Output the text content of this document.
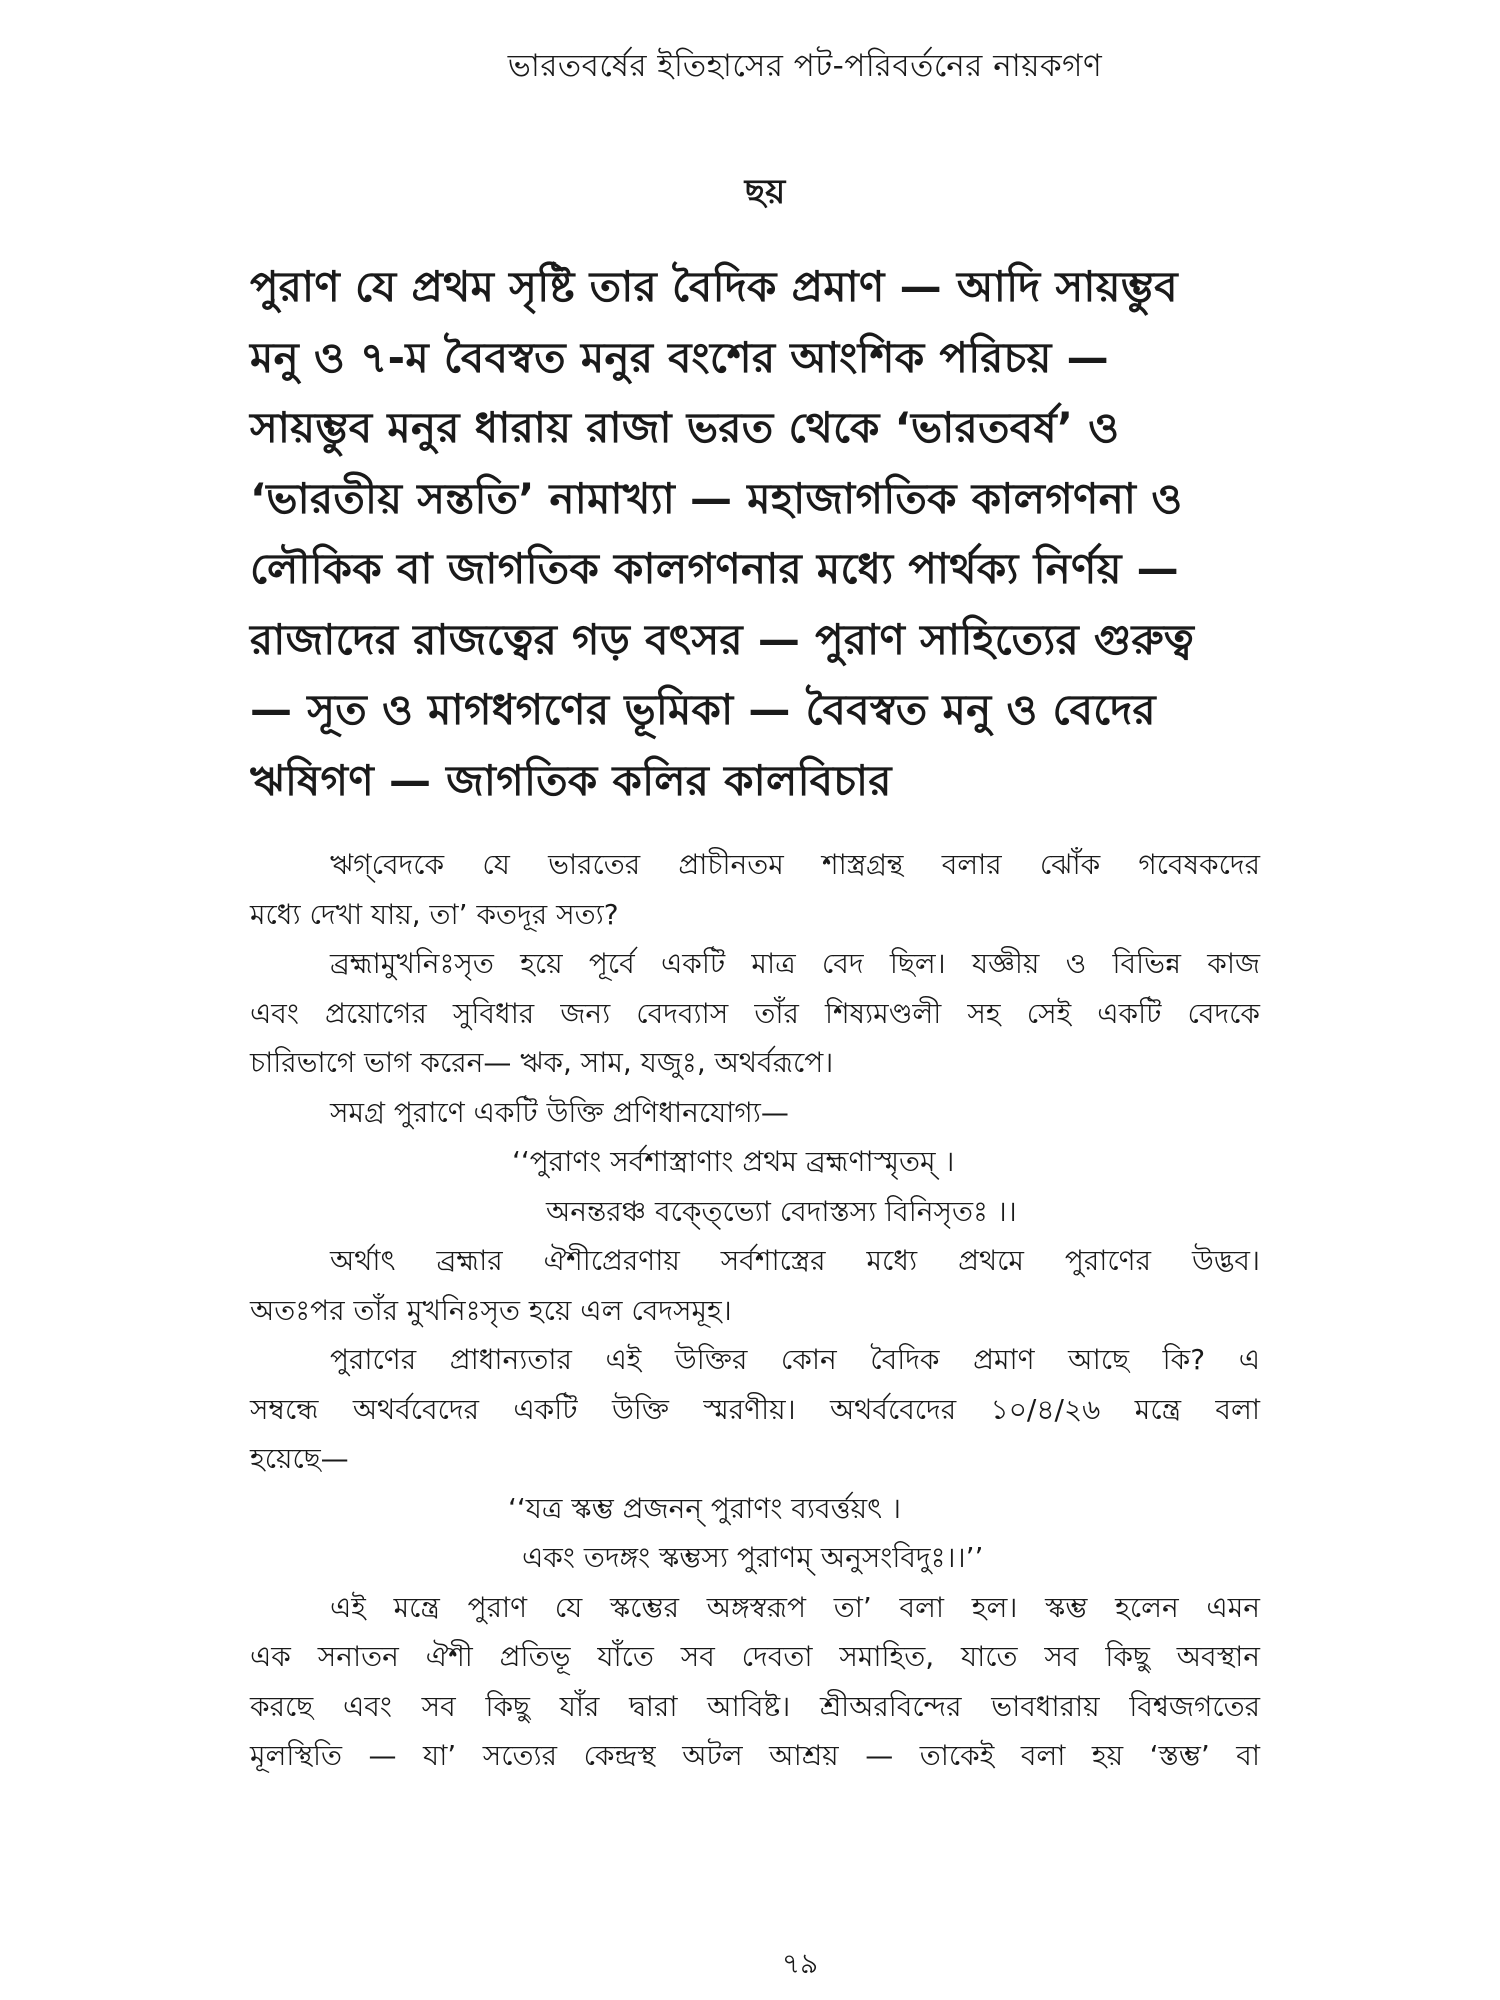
ভারতবর্ষের ইতিহাসের পট-পরিবর্তনের নায়কগণ
ছয়
পুরাণ যে প্রথম সৃষ্টি তার বৈদিক প্রমাণ — আদি সায়ম্ভুব
মনু ও ৭-ম বৈবস্বত মনুর বংশের আংশিক পরিচয় —
সায়ম্ভুব মনুর ধারায় রাজা ভরত থেকে ‘ভারতবর্ষ’ ও
‘ভারতীয় সন্ততি’ নামাখ্যা — মহাজাগতিক কালগণনা ও
লৌকিক বা জাগতিক কালগণনার মধ্যে পার্থক্য নির্ণয় —
রাজাদের রাজত্বের গড় বৎসর — পুরাণ সাহিত্যের গুরুত্ব
— সূত ও মাগধগণের ভূমিকা — বৈবস্বত মনু ও বেদের
ঋষিগণ — জাগতিক কলির কালবিচার
ঋগ্‌বেদকে যে ভারতের প্রাচীনতম শাস্ত্রগ্রন্থ বলার ঝোঁক গবেষকদের
মধ্যে দেখা যায়, তা’ কতদূর সত্য?
ব্রহ্মামুখনিঃসৃত হয়ে পূর্বে একটি মাত্র বেদ ছিল। যজ্ঞীয় ও বিভিন্ন কাজ
এবং প্রয়োগের সুবিধার জন্য বেদব্যাস তাঁর শিষ্যমণ্ডলী সহ সেই একটি বেদকে
চারিভাগে ভাগ করেন— ঋক, সাম, যজুঃ, অথর্বরূপে।
সমগ্র পুরাণে একটি উক্তি প্রণিধানযোগ্য—
‘‘পুরাণং সর্বশাস্ত্রাণাং প্রথম ব্রহ্মণাস্মৃতম্ ।
অনন্তরঞ্চ বক্তে্ভ্যো বেদাস্তস্য বিনিসৃতঃ ।।
অর্থাৎ ব্রহ্মার ঐশীপ্রেরণায় সর্বশাস্ত্রের মধ্যে প্রথমে পুরাণের উদ্ভব।
অতঃপর তাঁর মুখনিঃসৃত হয়ে এল বেদসমূহ।
পুরাণের প্রাধান্যতার এই উক্তির কোন বৈদিক প্রমাণ আছে কি? এ
সম্বন্ধে অথর্ববেদের একটি উক্তি স্মরণীয়। অথর্ববেদের ১০/৪/২৬ মন্ত্রে বলা
হয়েছে—
‘‘যত্র স্কম্ভ প্রজনন্ পুরাণং ব্যবর্ত্তয়ৎ ।
একং তদঙ্গং স্কম্ভস্য পুরাণম্ অনুসংবিদুঃ।।’’
এই মন্ত্রে পুরাণ যে স্কম্ভের অঙ্গস্বরূপ তা’ বলা হল। স্কম্ভ হলেন এমন
এক সনাতন ঐশী প্রতিভূ যাঁতে সব দেবতা সমাহিত, যাতে সব কিছু অবস্থান
করছে এবং সব কিছু যাঁর দ্বারা আবিষ্ট। শ্রীঅরবিন্দের ভাবধারায় বিশ্বজগতের
মূলস্থিতি — যা’ সত্যের কেন্দ্রস্থ অটল আশ্রয় — তাকেই বলা হয় ‘স্তম্ভ’ বা
৭৯
